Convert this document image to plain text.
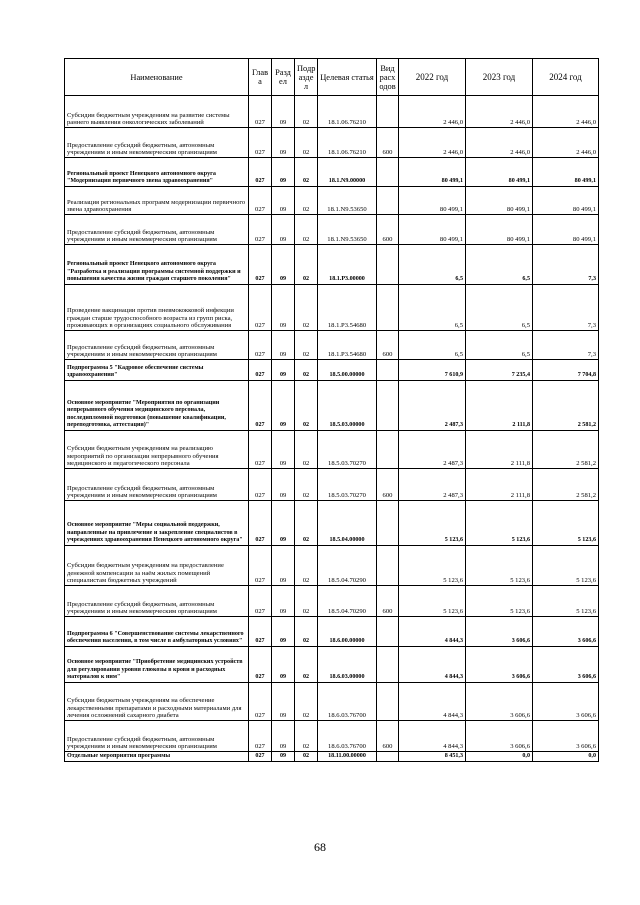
Наименование	Глав а	Разд ел	Подр азде л	Целевая статья	Вид расх одов	2022 год	2023 год	2024 год
Субсидии бюджетным учреждениям на развитие системы раннего выявления онкологических заболеваний	027	09	02	18.1.06.76210		2 446,0	2 446,0	2 446,0
Предоставление субсидий бюджетным, автономным учреждениям и иным некоммерческим организациям	027	09	02	18.1.06.76210	600	2 446,0	2 446,0	2 446,0
Региональный проект Ненецкого автономного округа "Модернизация первичного звена здравоохранения"	027	09	02	18.1.N9.00000		80 499,1	80 499,1	80 499,1
Реализация региональных программ модернизации первичного звена здравоохранения	027	09	02	18.1.N9.53650		80 499,1	80 499,1	80 499,1
Предоставление субсидий бюджетным, автономным учреждениям и иным некоммерческим организациям	027	09	02	18.1.N9.53650	600	80 499,1	80 499,1	80 499,1
Региональный проект Ненецкого автономного округа "Разработка и реализация программы системной поддержки и повышения качества жизни граждан старшего поколения"	027	09	02	18.1.P3.00000		6,5	6,5	7,3
Проведение вакцинации против пневмококковой инфекции граждан старше трудоспособного возраста из групп риска, проживающих в организациях социального обслуживания	027	09	02	18.1.P3.54680		6,5	6,5	7,3
Предоставление субсидий бюджетным, автономным учреждениям и иным некоммерческим организациям	027	09	02	18.1.P3.54680	600	6,5	6,5	7,3
Подпрограмма 5 "Кадровое обеспечение системы здравоохранения"	027	09	02	18.5.00.00000		7 610,9	7 235,4	7 704,8
Основное мероприятие "Мероприятия по организации непрерывного обучения медицинского персонала, последипломной подготовки (повышение квалификации, переподготовка, аттестация)"	027	09	02	18.5.03.00000		2 487,3	2 111,8	2 581,2
Субсидии бюджетным учреждениям на реализацию мероприятий по организации непрерывного обучения медицинского и педагогического персонала	027	09	02	18.5.03.70270		2 487,3	2 111,8	2 581,2
Предоставление субсидий бюджетным, автономным учреждениям и иным некоммерческим организациям	027	09	02	18.5.03.70270	600	2 487,3	2 111,8	2 581,2
Основное мероприятие "Меры социальной поддержки, направленные на привлечение и закрепление специалистов в учреждениях здравоохранения Ненецкого автономного округа"	027	09	02	18.5.04.00000		5 123,6	5 123,6	5 123,6
Субсидии бюджетным учреждениям на предоставление денежной компенсации за наём жилых помещений специалистам бюджетных учреждений	027	09	02	18.5.04.70290		5 123,6	5 123,6	5 123,6
Предоставление субсидий бюджетным, автономным учреждениям и иным некоммерческим организациям	027	09	02	18.5.04.70290	600	5 123,6	5 123,6	5 123,6
Подпрограмма 6 "Совершенствование системы лекарственного обеспечения населения, в том числе в амбулаторных условиях"	027	09	02	18.6.00.00000		4 844,3	3 606,6	3 606,6
Основное мероприятие "Приобретение медицинских устройств для регулирования уровня глюкозы в крови и расходных материалов к ним"	027	09	02	18.6.03.00000		4 844,3	3 606,6	3 606,6
Субсидии бюджетным учреждениям на обеспечение лекарственными препаратами и расходными материалами для лечения осложнений сахарного диабета	027	09	02	18.6.03.76700		4 844,3	3 606,6	3 606,6
Предоставление субсидий бюджетным, автономным учреждениям и иным некоммерческим организациям	027	09	02	18.6.03.76700	600	4 844,3	3 606,6	3 606,6
Отдельные мероприятия программы	027	09	02	18.11.00.00000		8 451,3	0,0	0,0
68
